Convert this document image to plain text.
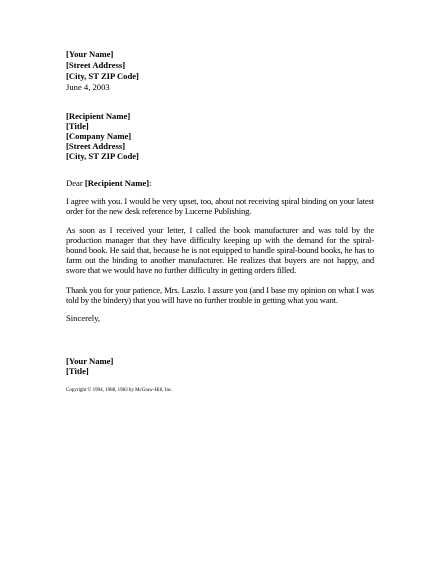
[Your Name]
[Street Address]
[City, ST ZIP Code]
June 4, 2003
[Recipient Name]
[Title]
[Company Name]
[Street Address]
[City, ST ZIP Code]
Dear [Recipient Name]:
I agree with you. I would be very upset, too, about not receiving spiral binding on your latest order for the new desk reference by Lucerne Publishing.
As soon as I received your letter, I called the book manufacturer and was told by the production manager that they have difficulty keeping up with the demand for the spiral-bound book. He said that, because he is not equipped to handle spiral-bound books, he has to farm out the binding to another manufacturer. He realizes that buyers are not happy, and swore that we would have no further difficulty in getting orders filled.
Thank you for your patience, Mrs. Laszlo. I assure you (and I base my opinion on what I was told by the bindery) that you will have no further trouble in getting what you want.
Sincerely,
[Your Name]
[Title]
Copyright © 1994, 1988, 1983 by McGraw-Hill, Inc.
